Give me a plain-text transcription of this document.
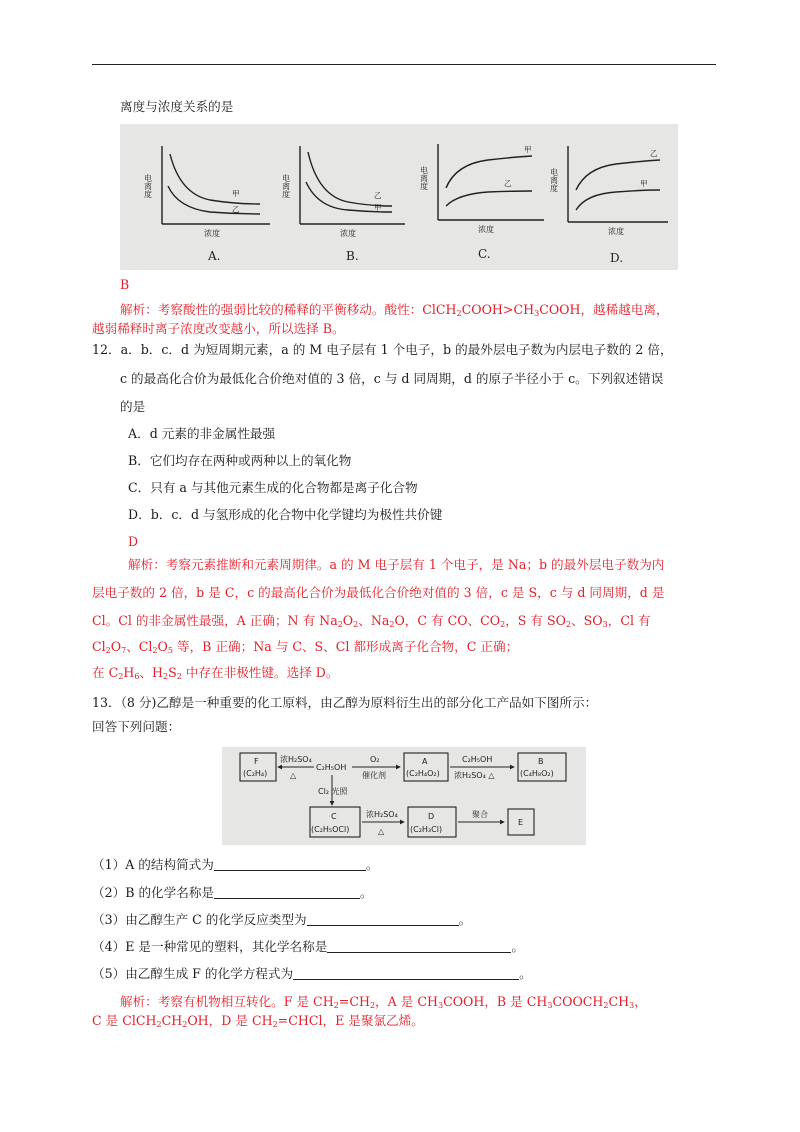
离度与浓度关系的是
电离度
浓度
甲
乙
A.
电离度
浓度
乙
甲
B.
电离度
浓度
甲
乙
C.
电离度
浓度
乙
甲
D.
B
解析：考察酸性的强弱比较的稀释的平衡移动。酸性：$ClCH_2COOH>CH_3COOH$，越稀越电离，
越弱稀释时离子浓度改变越小，所以选择 B。
12．a．b．c．d 为短周期元素，a 的 M 电子层有 1 个电子，b 的最外层电子数为内层电子数的 2 倍，
c 的最高化合价为最低化合价绝对值的 3 倍，c 与 d 同周期，d 的原子半径小于 c。下列叙述错误
的是
A．d 元素的非金属性最强
B．它们均存在两种或两种以上的氧化物
C．只有 a 与其他元素生成的化合物都是离子化合物
D．b．c．d 与氢形成的化合物中化学键均为极性共价键
D
解析：考察元素推断和元素周期律。a 的 M 电子层有 1 个电子，是 Na；b 的最外层电子数为内
层电子数的 2 倍，b 是 C，c 的最高化合价为最低化合价绝对值的 3 倍，c 是 S，c 与 d 同周期，d 是
Cl。Cl 的非金属性最强，A 正确；N 有 $Na_2O_2$、$Na_2O$，C 有 CO、$CO_2$，S 有 $SO_2$、$SO_3$，Cl 有
$Cl_2O_7$、$Cl_2O_5$ 等，B 正确；Na 与 C、S、Cl 都形成离子化合物，C 正确；
在 $C_2H_6$、$H_2S_2$ 中存在非极性键。选择 D。
13．（8 分)乙醇是一种重要的化工原料，由乙醇为原料衍生出的部分化工产品如下图所示：
回答下列问题：
F
(C₂H₄)
浓H₂SO₄
△
C₂H₅OH
O₂
催化剂
A
(C₂H₄O₂)
C₂H₅OH
浓H₂SO₄ △
B
(C₄H₈O₂)
Cl₂ 光照
C
(C₂H₅OCl)
浓H₂SO₄
△
D
(C₂H₃Cl)
聚合
E
（1）A 的结构简式为	。
（2）B 的化学名称是	。
（3）由乙醇生产 C 的化学反应类型为	。
（4）E 是一种常见的塑料，其化学名称是	。
（5）由乙醇生成 F 的化学方程式为	。
解析：考察有机物相互转化。F 是 $CH_2=CH_2$，A 是 $CH_3COOH$，B 是 $CH_3COOCH_2CH_3$，
C 是 $ClCH_2CH_2OH$，D 是 $CH_2=CHCl$，E 是聚氯乙烯。
